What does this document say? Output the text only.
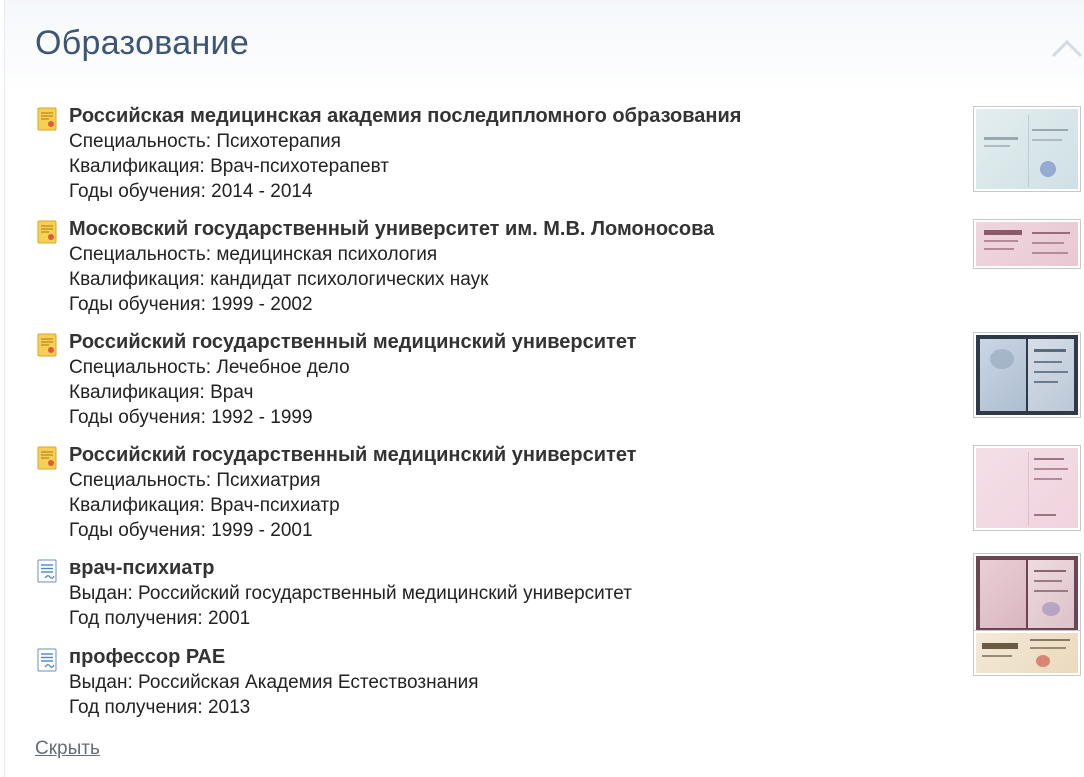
Образование
Российская медицинская академия последипломного образования
Специальность: Психотерапия
Квалификация: Врач-психотерапевт
Годы обучения: 2014 - 2014
Московский государственный университет им. М.В. Ломоносова
Специальность: медицинская психология
Квалификация: кандидат психологических наук
Годы обучения: 1999 - 2002
Российский государственный медицинский университет
Специальность: Лечебное дело
Квалификация: Врач
Годы обучения: 1992 - 1999
Российский государственный медицинский университет
Специальность: Психиатрия
Квалификация: Врач-психиатр
Годы обучения: 1999 - 2001
врач-психиатр
Выдан: Российский государственный медицинский университет
Год получения: 2001
профессор РАЕ
Выдан: Российская Академия Естествознания
Год получения: 2013
Скрыть
